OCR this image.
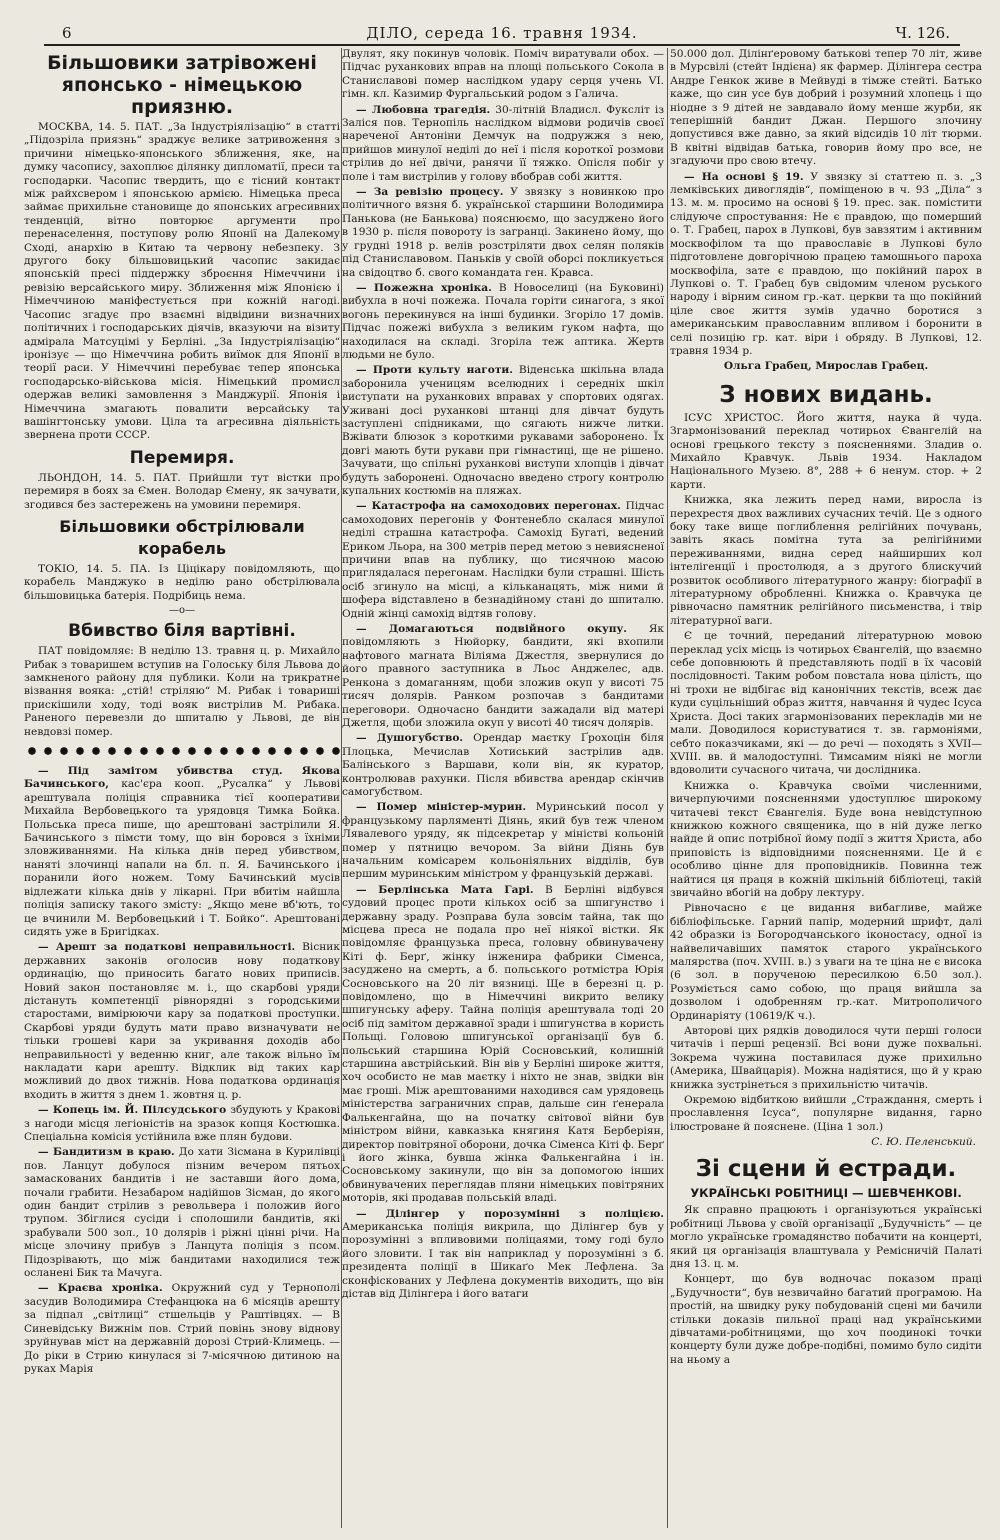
6	ДІЛО, середа 16. травня 1934.	Ч. 126.
Більшовики затрівожені японсько - німецькою приязню.

МОСКВА, 14. 5. ПАТ. „За Індустріялізацію“ в статті „Підозріла приязнь“ зраджує велике затривоження з причини німецько-японського зближення, яке, на думку часопису, захоплює ділянку дипломатії, преси та господарки. Часопис твердить, що є тісний контакт між райхсвером і японською армією. Німецька преса займає прихильне становище до японських агресивних тенденцій, вітно повторює аргументи про перенаселення, поступову ролю Японії на Далекому Сході, анархію в Китаю та червону небезпеку. З другого боку більшовицький часопис закидає японській пресі піддержку зброєння Німеччини і ревізію версайського миру. Зближення між Японією і Німеччиною маніфестується при кожній нагоді. Часопис згадує про взаємні відвідини визначних політичних і господарських діячів, вказуючи на візиту адмірала Матсуцімі у Берліні. „За Індустріялізацію“ іронізує — що Німеччина робить виїмок для Японії в теорії раси. У Німеччині перебуває тепер японська господарсько-військова місія. Німецький промисл одержав великі замовлення з Манджурії. Японія і Німеччина змагають повалити версайську та вашінгтонську умови. Ціла та агресивна діяльність звернена проти СССР.

Перемиря.

ЛЬОНДОН, 14. 5. ПАТ. Прийшли тут вістки про перемиря в боях за Ємен. Володар Ємену, як зачувати, згодився без застережень на умовини перемиря.

Більшовики обстрілювали корабель

ТОКІО, 14. 5. ПА. Із Ціцікару повідомляють, що корабель Манджуко в неділю рано обстрілювала більшовицька батерія. Подрібиць нема.

—o—
Вбивство біля вартівні.

ПАТ повідомляє: В неділю 13. травня ц. р. Михайло Рибак з товаришем вступив на Голоську біля Львова до замкненого району для публики. Коли на трикратне візвання вояка: „стій! стріляю“ М. Рибак і товариші прискішили ходу, тоді вояк вистрілив М. Рибака. Раненого перевезли до шпиталю у Львові, де він невдовзі помер.

— Під замітом убивства студ. Якова Бачинського, кас'єра кооп. „Русалка“ у Львові арештувала поліція справника тієї кооперативи Михайла Вербовецького та урядовця Тимка Бойка. Польська преса пише, що арештовані застрілили Я. Бачинського з пімсти тому, що він боровся з їхніми зловживаннями. На кілька днів перед убивством, наняті злочинці напали на бл. п. Я. Бачинського і поранили його ножем. Тому Бачинський мусів відлежати кілька днів у лікарні. При вбитім найшла поліція записку такого змісту: „Якщо мене вб'ють, то це вчинили М. Вербовецький і Т. Бойко“. Арештовані сидять уже в Бригідках.

— Арешт за податкові неправильності. Вісник державних законів оголосив нову податкову ординацію, що приносить багато нових приписів. Новий закон постановляє м. і., що скарбові уряди дістануть компетенції рівнорядні з городськими старостами, вимірюючи кару за податкові проступки. Скарбові уряди будуть мати право визначувати не тільки грошеві кари за укривання доходів або неправильності у веденню книг, але також вільно їм накладати кари арешту. Відклик від таких кар можливий до двох тижнів. Нова податкова ординація входить в життя з днем 1. жовтня ц. р.

— Копець ім. Й. Пілсудського збудують у Кракові з нагоди місця легіоністів на зразок копця Костюшка. Спеціальна комісія устійнила вже плян будови.

— Бандитизм в краю. До хати Зісмана в Курилівці пов. Ланцут добулося пізним вечером пятьох замаскованих бандитів і не заставши його дома, почали грабити. Незабаром надійшов Зісман, до якого один бандит стрілив з револьвера і положив його трупом. Збіглися сусіди і сполошили бандитів, які зрабували 500 зол., 10 долярів і ріжні цінні річи. На місце злочину прибув з Ланцута поліція з псом. Підозрівають, що між бандитами находилися теж осланені Бик та Мачуга.

— Краєва хроніка. Окружний суд у Тернополі засудив Володимира Стефанцюка на 6 місяців арешту за підпал „світлиці“ стшельців у Раштівцях. — В Синевідську Вижнім пов. Стрий повінь знову віднову зруйнував міст на державній дорозі Стрий-Климець. — До ріки в Стрию кинулася зі 7-місячною дитиною на руках Марія

Двулят, яку покинув чоловік. Поміч виратували обох. — Підчас руханкових вправ на площі польського Сокола в Станиславові помер наслідком удару серця учень VI. гімн. кл. Казимир Фургальський родом з Галича.

— Любовна трагедія. 30-літній Владисл. Фуксліт із Заліся пов. Тернопіль наслідком відмови родичів своєї нареченої Антоніни Демчук на подружжя з нею, прийшов минулої неділі до неї і після короткої розмови стрілив до неї двічи, ранячи її тяжко. Опісля побіг у поле і там вистрілив у голову вбобрав собі життя.

— За ревізію процесу. У звязку з новинкою про політичного вязня б. української старшини Володимира Панькова (не Банькова) пояснюємо, що засуджено його в 1930 р. після повороту із загранці. Закинено йому, що у грудні 1918 р. велів розстріляти двох селян поляків під Станиславовом. Паньків у своїй оборсі покликується на свідоцтво б. свого командата ген. Кравса.

— Пожежна хроніка. В Новоселиці (на Буковині) вибухла в ночі пожежа. Почала горіти синагога, з якої вогонь перекинувся на інші будинки. Згоріло 17 домів. Підчас пожежі вибухла з великим гуком нафта, що находилася на складі. Згоріла теж аптика. Жертв людьми не було.

— Проти культу наготи. Віденська шкільна влада заборонила ученицям вселюдних і середніх шкіл виступати на руханкових вправах у спортових одягах. Уживані досі руханкові штанці для дівчат будуть заступлені спідниками, що сягають нижче литки. Вжівати блюзок з короткими рукавами заборонено. Їх довгі мають бути рукави при гімнастиці, ще не рішено. Зачувати, що спільні руханкові виступи хлопців і дівчат будуть заборонені. Одночасно введено строгу контролю купальних костюмів на пляжах.

— Катастрофа на самоходових перегонах. Підчас самоходових перегонів у Фонтенебло скалася минулої неділі страшна катастрофа. Самохід Бугаті, ведений Ериком Льора, на 300 метрів перед метою з невиясненої причини впав на публику, що тисячною масою приглядалася перегонам. Наслідки були страшні. Шість осіб згинуло на місці, а кільканацять, між ними й шофера відставлено в безнадійному стані до шпиталю. Одній жінці самохід відтяв голову.

— Домагаються подвійного окупу. Як повідомляють з Нюйорку, бандити, які вхопили нафтового магната Віліяма Джестля, звернулися до його правного заступника в Льос Анджелес, адв. Ренкона з домаганням, щоби зложив окуп у висоті 75 тисяч долярів. Ранком розпочав з бандитами переговори. Одночасно бандити зажадали від матері Джетля, щоби зложила окуп у висоті 40 тисяч долярів.

— Душогубство. Орендар маєтку Ґрохоцін біля Плоцька, Мечислав Хотиський застрілив адв. Балінського з Варшави, коли він, як куратор, контролював рахунки. Після вбивства арендар скінчив самогубством.

— Помер міністер-мурин. Муринський посол у французькому парляменті Діянь, який був теж членом Лявалевого уряду, як підсекретар у міністві кольоній помер у пятницю вечором. За війни Діянь був начальним комісарем кольоніяльних відділів, був першим муринським міністром у французькій державі.

— Берлінська Мата Гарі. В Берліні відбувся судовий процес проти кількох осіб за шпигунство і державну зраду. Розправа була зовсім тайна, так що місцева преса не подала про неї ніякої вістки. Як повідомляє французька преса, головну обвинувачену Кіті ф. Берґ, жінку інженира фабрики Сіменса, засуджено на смерть, а б. польського ротмістра Юрія Сосновського на 20 літ вязниці. Ще в березні ц. р. повідомлено, що в Німеччині викрито велику шпигунську аферу. Тайна поліція арештувала тоді 20 осіб під замітом державної зради і шпигунства в користь Польщі. Головою шпигунської організації був б. польський старшина Юрій Сосновський, колишній старшина австрійський. Він вів у Берліні широке життя, хоч особисто не мав маєтку і ніхто не знав, звідки він має гроші. Між арештованими находився сам урядовець міністерства заграничних справ, дальше син ґенерала Фалькенгайна, що на початку світової війни був міністром війни, кавказька княгиня Катя Берберіян, директор повітряної оборони, дочка Сіменса Кіті ф. Берґ і його жінка, бувша жінка Фалькенгайна і ін. Сосновському закинули, що він за допомогою інших обвинувачених переглядав пляни німецьких повітряних моторів, які продавав польській владі.

— Ділінгер у порозумінні з поліцією. Американська поліція викрила, що Ділінгер був у порозумінні з впливовими поліцаями, тому годі було його зловити. І так він наприклад у порозумінні з б. президента поліції в Шикаґо Мек Лефлена. За сконфіскованих у Лефлена документів виходить, що він дістав від Ділінгера і його ватаги

50.000 дол. Ділінґеровому батькові тепер 70 літ, живе в Мурсвілі (стейт Індієна) як фармер. Ділінгера сестра Андре Генкок живе в Мейвуді в тімже стейті. Батько каже, що син усе був добрий і розумний хлопець і що ніодне з 9 дітей не завдавало йому менше журби, як теперішній бандит Джан. Першого злочину допустився вже давно, за який відсидів 10 літ тюрми. В квітні відвідав батька, говорив йому про все, не згадуючи про свою втечу.

— На основі § 19. У звязку зі статтею п. з. „З лемківських дивоглядів“, поміщеною в ч. 93 „Діла“ з 13. м. м. просимо на основі § 19. прес. зак. помістити слідуюче спростування: Не є правдою, що померший о. Т. Грабец, парох в Лупкові, був завзятим і активним москвофілом та що православіє в Лупкові було підготовлене довгорічною працею тамошнього пароха москвофіла, зате є правдою, що покійний парох в Лупкові о. Т. Грабец був свідомим членом руського народу і вірним сином гр.-кат. церкви та що покійний ціле своє життя зумів удачно боротися з американським православним впливом і боронити в селі позицію гр. кат. віри і обряду. В Лупкові, 12. травня 1934 р.

Ольга Грабец, Мирослав Грабец.

З нових видань.

ІСУС ХРИСТОС. Його життя, наука й чуда. Згармонізований переклад чотирьох Євангелій на основі грецького тексту з поясненнями. Зладив о. Михайло Кравчук. Львів 1934. Накладом Національного Музею. 8°, 288 + 6 ненум. стор. + 2 карти.

Книжка, яка лежить перед нами, виросла із перехрестя двох важливих сучасних течій. Це з одного боку таке вище поглиблення релігійних почувань, завіть якась помітна тута за релігійними переживаннями, видна серед найширших кол інтелігенції і простолюдя, а з другого блискучий розвиток особливого літературного жанру: біографії в літературному обробленні. Книжка о. Кравчука це рівночасно памятник релігійного письменства, і твір літературної ваги.

Є це точний, переданий літературною мовою переклад усіх місць із чотирьох Євангелій, що взаємно себе доповнюють й представляють події в їх часовій послідовності. Таким робом повстала нова цілість, що ні трохи не відбігає від канонічних текстів, всеж дає куди суцільніший образ життя, навчання й чудес Ісуса Христа. Досі таких згармонізованих перекладів ми не мали. Доводилося користуватися т. зв. гармоніями, себто показчиками, які — до речі — походять з XVII—XVIII. вв. й малодоступні. Тимсамим ніякі не могли вдоволити сучасного читача, чи дослідника.

Книжка о. Кравчука своїми численними, вичерпуючими поясненнями удоступлює широкому читачеві текст Євангелія. Буде вона невідступною книжкою кожного священика, що в ній дуже легко найде й опис потрібної йому події з життя Христа, або приповість із відповідними поясненнями. Це й є особливо цінне для проповідників. Повинна теж найтися ця праця в кожній шкільній бібліотеці, такій звичайно вбогій на добру лектуру.

Рівночасно є це видання вибагливе, майже бібліофільське. Гарний папір, модерний шрифт, далі 42 образки із Богородчанського іконостасу, одної із найвеличавіших памяток старого українського малярства (поч. XVIII. в.) з уваги на те ціна не є висока (6 зол. в порученою пересилкою 6.50 зол.). Розуміється само собою, що праця вийшла за дозволом і одобренням гр.-кат. Митрополичого Ординаріяту (10619/К ч.).

Авторові цих рядків доводилося чути перші голоси читачів і перші рецензії. Всі вони дуже похвальні. Зокрема чужина поставилася дуже прихильно (Америка, Швайцарія). Можна надіятися, що й у краю книжка зустрінеться з прихильністю читачів.

Окремою відбиткою вийшли „Страждання, смерть і прославлення Ісуса“, популярне видання, гарно ілюстроване й пояснене. (Ціна 1 зол.)

С. Ю. Пеленський.

Зі сцени й естради.
УКРАЇНСЬКІ РОБІТНИЦІ — ШЕВЧЕНКОВІ.

Як справно працюють і організуються українські робітниці Львова у своїй організації „Будучність“ — це могло українське громадянство побачити на концерті, який ця організація влаштувала у Ремісничій Палаті дня 13. ц. м.

Концерт, що був водночас показом праці „Будучности“, був незвичайно багатий програмою. На простій, на швидку руку побудованій сцені ми бачили стільки доказів пильної праці над українськими дівчатами-робітницями, що хоч поодинокі точки концерту були дуже добре-подібні, помимо було сидіти на ньому а
